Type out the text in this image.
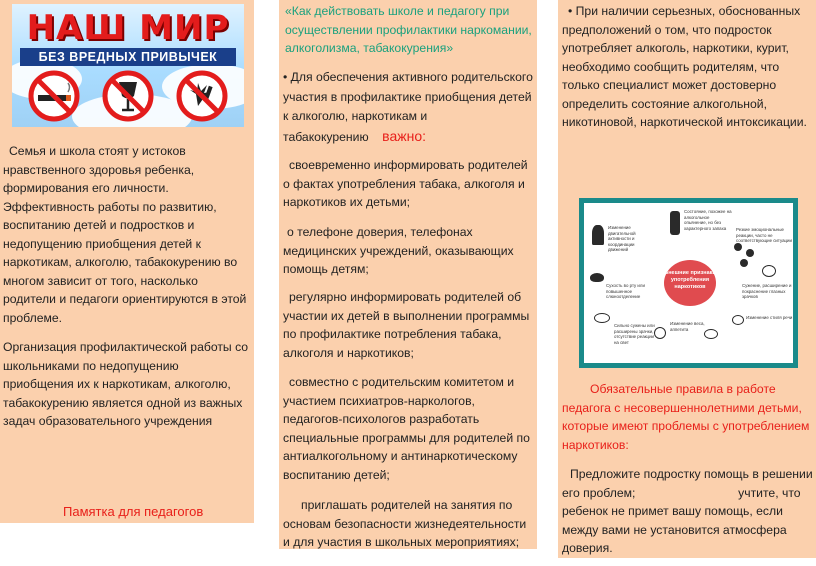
НАШ МИР
БЕЗ ВРЕДНЫХ ПРИВЫЧЕК
Семья и школа стоят у истоков нравственного здоровья ребенка, формирования его личности. Эффективность работы по развитию, воспитанию детей и подростков и недопущению приобщения детей к наркотикам, алкоголю, табакокурению во многом зависит от того, насколько родители и педагоги ориентируются в этой проблеме.
Организация профилактической работы со школьниками по недопущению приобщения их к наркотикам, алкоголю, табакокурению является одной из важных задач образовательного учреждения
Памятка для педагогов
«Как действовать школе и педагогу при осуществлении профилактики наркомании, алкоголизма, табакокурения»
• Для обеспечения активного родительского участия в профилактике приобщения детей к алкоголю, наркотикам и табакокурению важно:
своевременно информировать родителей о фактах употребления табака, алкоголя и наркотиков их детьми;
о телефоне доверия, телефонах медицинских учреждений, оказывающих помощь детям;
регулярно информировать родителей об участии их детей в выполнении программы по профилактике потребления табака, алкоголя и наркотиков;
совместно с родительским комитетом и участием психиатров-наркологов, педагогов-психологов разработать специальные программы для родителей по антиалкогольному и антинаркотическому воспитанию детей;
приглашать родителей на занятия по основам безопасности жизнедеятельности и для участия в школьных мероприятиях;
• При наличии серьезных, обоснованных предположений о том, что подросток употребляет алкоголь, наркотики, курит, необходимо сообщить родителям, что только специалист может достоверно определить состояние алкогольной, никотиновой, наркотической интоксикации.
Внешние признаки употребления наркотиков
Изменение двигательной активности и координации движений
Состояние, похожее на алкогольное опьянение, но без характерного запаха	Резкие эмоциональные реакции, часто не соответствующие ситуации
Сухость во рту или повышенное слюноотделение
Сужение, расширение и покраснение глазных зрачков
Сильно сужены или расширены зрачки, отсутствие реакции на свет
Изменение веса, аппетита
Изменение стиля речи
Обязательные правила в работе педагога с несовершеннолетними детьми, которые имеют проблемы с употреблением наркотиков:
Предложите подростку помощь в решении его проблем;	учтите, что ребенок не примет вашу помощь, если между вами не установится атмосфера доверия.
